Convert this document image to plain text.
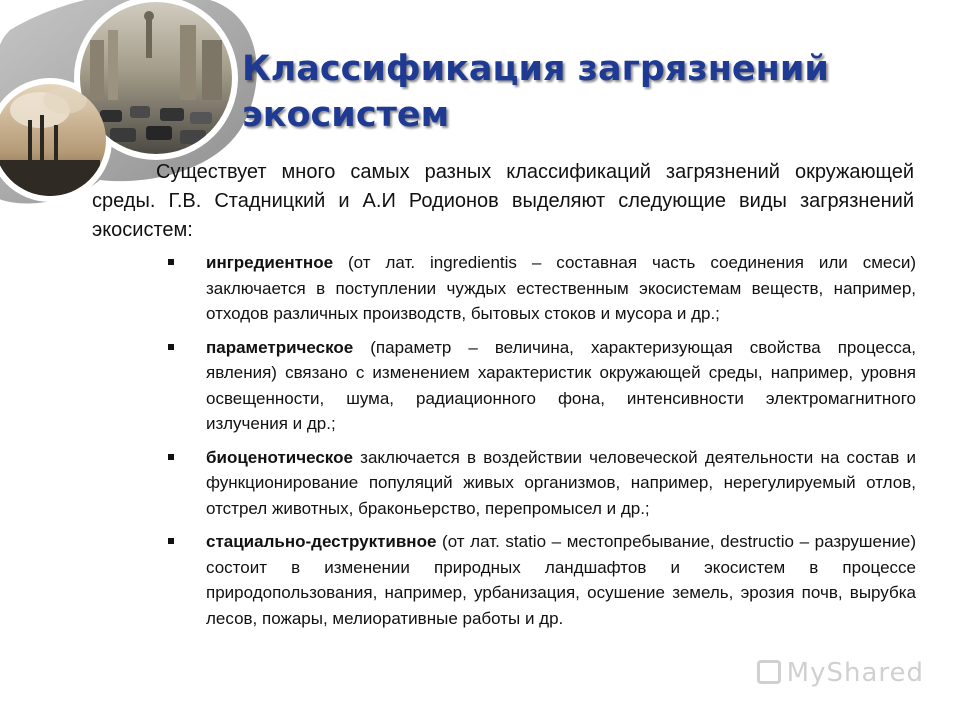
Классификация загрязнений экосистем

Существует много самых разных классификаций загрязнений окружающей среды. Г.В. Стадницкий и А.И Родионов выделяют следующие виды загрязнений экосистем:

ингредиентное (от лат. ingredientis – составная часть соединения или смеси) заключается в поступлении чуждых естественным экосистемам веществ, например, отходов различных производств, бытовых стоков и мусора и др.;
параметрическое (параметр – величина, характеризующая свойства процесса, явления) связано с изменением характеристик окружающей среды, например, уровня освещенности, шума, радиационного фона, интенсивности электромагнитного излучения и др.;
биоценотическое заключается в воздействии человеческой деятельности на состав и функционирование популяций живых организмов, например, нерегулируемый отлов, отстрел животных, браконьерство, перепромысел и др.;
стациально-деструктивное (от лат. statio – местопребывание, destructio – разрушение) состоит в изменении природных ландшафтов и экосистем в процессе природопользования, например, урбанизация, осушение земель, эрозия почв, вырубка лесов, пожары, мелиоративные работы и др.
MyShared
